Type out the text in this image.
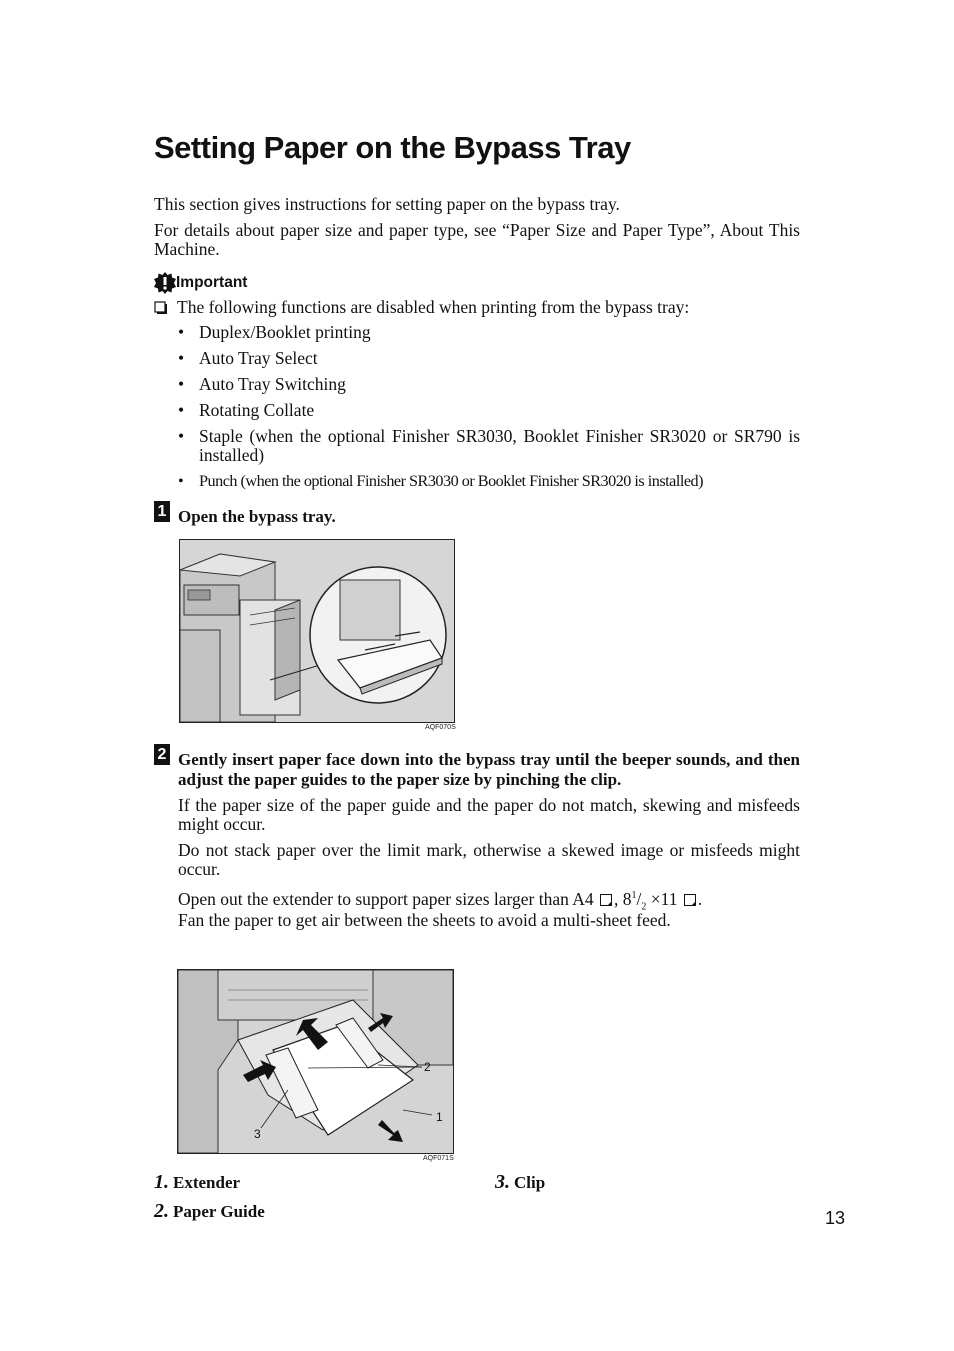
Setting Paper on the Bypass Tray
This section gives instructions for setting paper on the bypass tray.
For details about paper size and paper type, see “Paper Size and Paper Type”, About This Machine.
Important
The following functions are disabled when printing from the bypass tray:
• Duplex/Booklet printing
• Auto Tray Select
• Auto Tray Switching
• Rotating Collate
• Staple (when the optional Finisher SR3030, Booklet Finisher SR3020 or SR790 is installed)
• Punch (when the optional Finisher SR3030 or Booklet Finisher SR3020 is installed)
1 Open the bypass tray.
AQF070S
2 Gently insert paper face down into the bypass tray until the beeper sounds, and then adjust the paper guides to the paper size by pinching the clip.
If the paper size of the paper guide and the paper do not match, skewing and misfeeds might occur.
Do not stack paper over the limit mark, otherwise a skewed image or misfeeds might occur.
Open out the extender to support paper sizes larger than A4 , $8^1/_2 \times 11$ .
Fan the paper to get air between the sheets to avoid a multi-sheet feed.
2
1
3
AQF071S
1. Extender
2. Paper Guide
3. Clip
13
